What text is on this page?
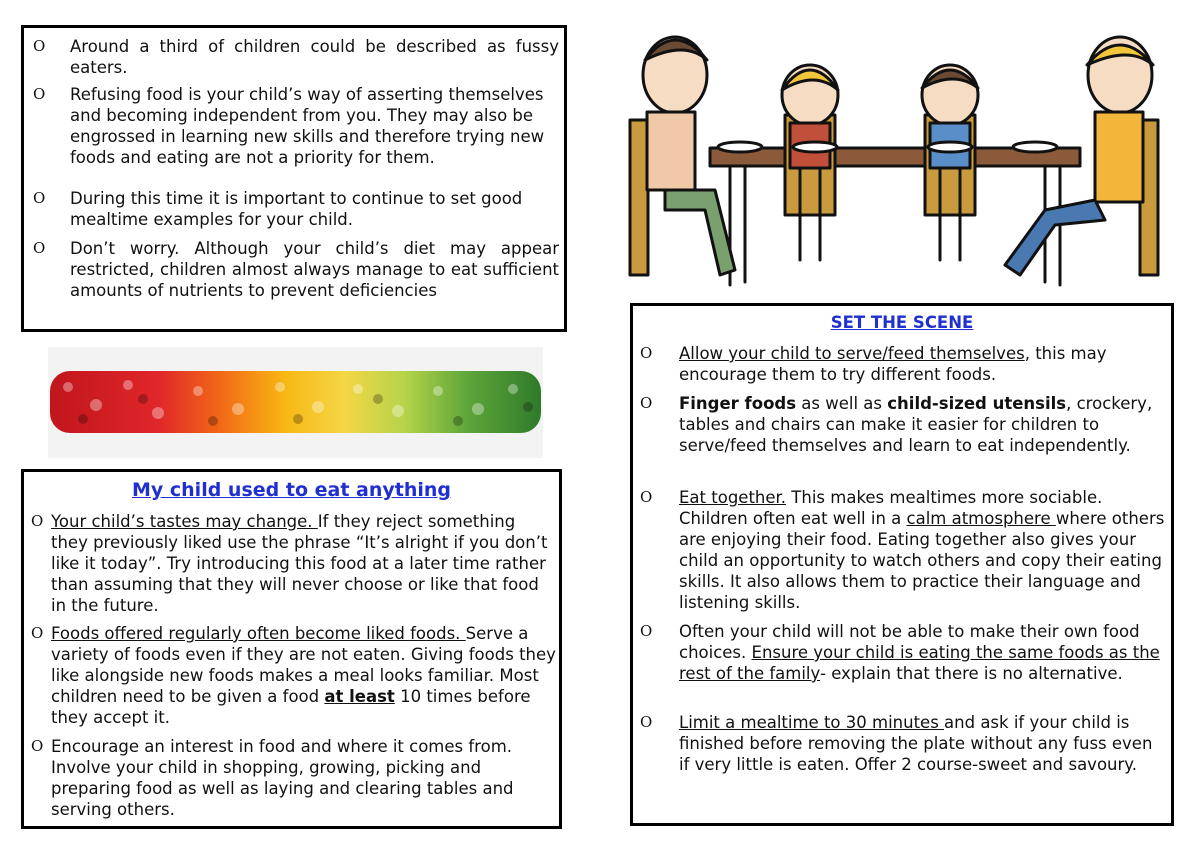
O Around a third of children could be described as fussy eaters.
O Refusing food is your child’s way of asserting themselves and becoming independent from you. They may also be engrossed in learning new skills and therefore trying new foods and eating are not a priority for them.
O During this time it is important to continue to set good mealtime examples for your child.
O Don’t worry. Although your child’s diet may appear restricted, children almost always manage to eat sufficient amounts of nutrients to prevent deficiencies
My child used to eat anything
O Your child’s tastes may change. If they reject something they previously liked use the phrase “It’s alright if you don’t like it today”. Try introducing this food at a later time rather than assuming that they will never choose or like that food in the future.
O Foods offered regularly often become liked foods. Serve a variety of foods even if they are not eaten. Giving foods they like alongside new foods makes a meal looks familiar. Most children need to be given a food at least 10 times before they accept it.
O Encourage an interest in food and where it comes from. Involve your child in shopping, growing, picking and preparing food as well as laying and clearing tables and serving others.
SET THE SCENE
O Allow your child to serve/feed themselves, this may encourage them to try different foods.
O Finger foods as well as child-sized utensils, crockery, tables and chairs can make it easier for children to serve/feed themselves and learn to eat independently.
O Eat together. This makes mealtimes more sociable. Children often eat well in a calm atmosphere where others are enjoying their food. Eating together also gives your child an opportunity to watch others and copy their eating skills. It also allows them to practice their language and listening skills.
O Often your child will not be able to make their own food choices. Ensure your child is eating the same foods as the rest of the family- explain that there is no alternative.
O Limit a mealtime to 30 minutes and ask if your child is finished before removing the plate without any fuss even if very little is eaten. Offer 2 course-sweet and savoury.
